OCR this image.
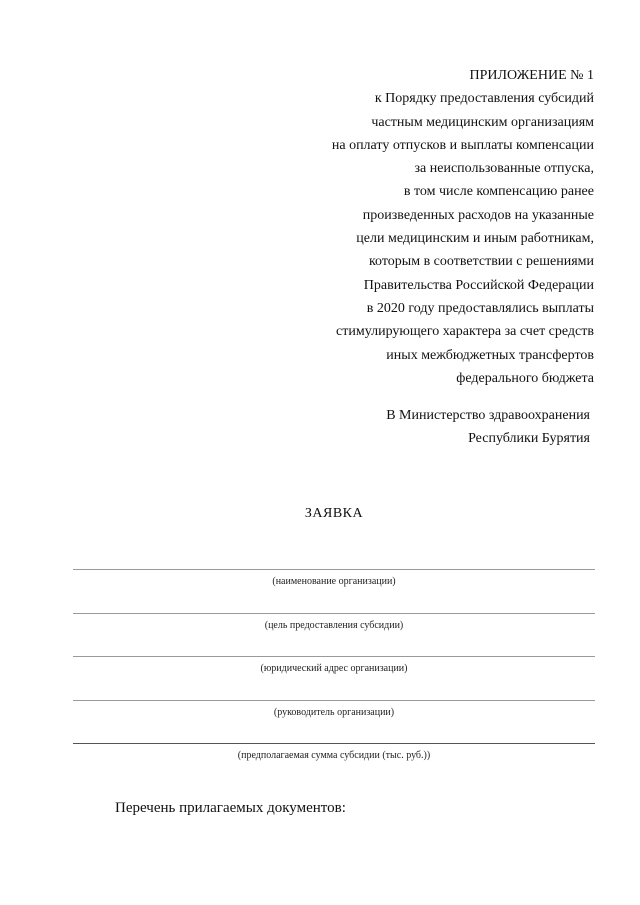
ПРИЛОЖЕНИЕ № 1
к Порядку предоставления субсидий
частным медицинским организациям
на оплату отпусков и выплаты компенсации
за неиспользованные отпуска,
в том числе компенсацию ранее
произведенных расходов на указанные
цели медицинским и иным работникам,
которым в соответствии с решениями
Правительства Российской Федерации
в 2020 году предоставлялись выплаты
стимулирующего характера за счет средств
иных межбюджетных трансфертов
федерального бюджета
В Министерство здравоохранения
Республики Бурятия
ЗАЯВКА
(наименование организации)
(цель предоставления субсидии)
(юридический адрес организации)
(руководитель организации)
(предполагаемая сумма субсидии (тыс. руб.))
Перечень прилагаемых документов:
